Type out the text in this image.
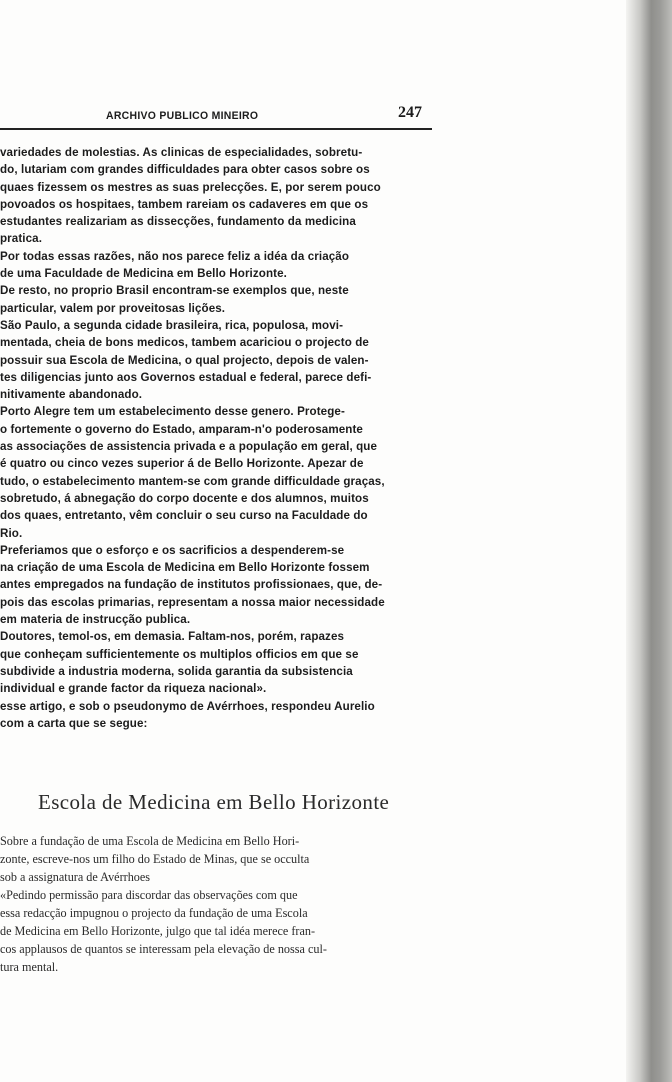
ARCHIVO PUBLICO MINEIRO	247

variedades de molestias. As clinicas de especialidades, sobretu-

do, lutariam com grandes difficuldades para obter casos sobre os

quaes fizessem os mestres as suas prelecções. E, por serem pouco

povoados os hospitaes, tambem rareiam os cadaveres em que os

estudantes realizariam as dissecções, fundamento da medicina

pratica.

Por todas essas razões, não nos parece feliz a idéa da criação

de uma Faculdade de Medicina em Bello Horizonte.

De resto, no proprio Brasil encontram-se exemplos que, neste

particular, valem por proveitosas lições.

São Paulo, a segunda cidade brasileira, rica, populosa, movi-

mentada, cheia de bons medicos, tambem acariciou o projecto de

possuir sua Escola de Medicina, o qual projecto, depois de valen-

tes diligencias junto aos Governos estadual e federal, parece defi-

nitivamente abandonado.

Porto Alegre tem um estabelecimento desse genero. Protege-

o fortemente o governo do Estado, amparam-n'o poderosamente

as associações de assistencia privada e a população em geral, que

é quatro ou cinco vezes superior á de Bello Horizonte. Apezar de

tudo, o estabelecimento mantem-se com grande difficuldade graças,

sobretudo, á abnegação do corpo docente e dos alumnos, muitos

dos quaes, entretanto, vêm concluir o seu curso na Faculdade do

Rio.

Preferiamos que o esforço e os sacrificios a despenderem-se

na criação de uma Escola de Medicina em Bello Horizonte fossem

antes empregados na fundação de institutos profissionaes, que, de-

pois das escolas primarias, representam a nossa maior necessidade

em materia de instrucção publica.

Doutores, temol-os, em demasia. Faltam-nos, porém, rapazes

que conheçam sufficientemente os multiplos officios em que se

subdivide a industria moderna, solida garantia da subsistencia

individual e grande factor da riqueza nacional».

esse artigo, e sob o pseudonymo de Avérrhoes, respondeu Aurelio

com a carta que se segue:

Escola de Medicina em Bello Horizonte

Sobre a fundação de uma Escola de Medicina em Bello Hori-

zonte, escreve-nos um filho do Estado de Minas, que se occulta

sob a assignatura de Avérrhoes

«Pedindo permissão para discordar das observações com que

essa redacção impugnou o projecto da fundação de uma Escola

de Medicina em Bello Horizonte, julgo que tal idéa merece fran-

cos applausos de quantos se interessam pela elevação de nossa cul-

tura mental.
